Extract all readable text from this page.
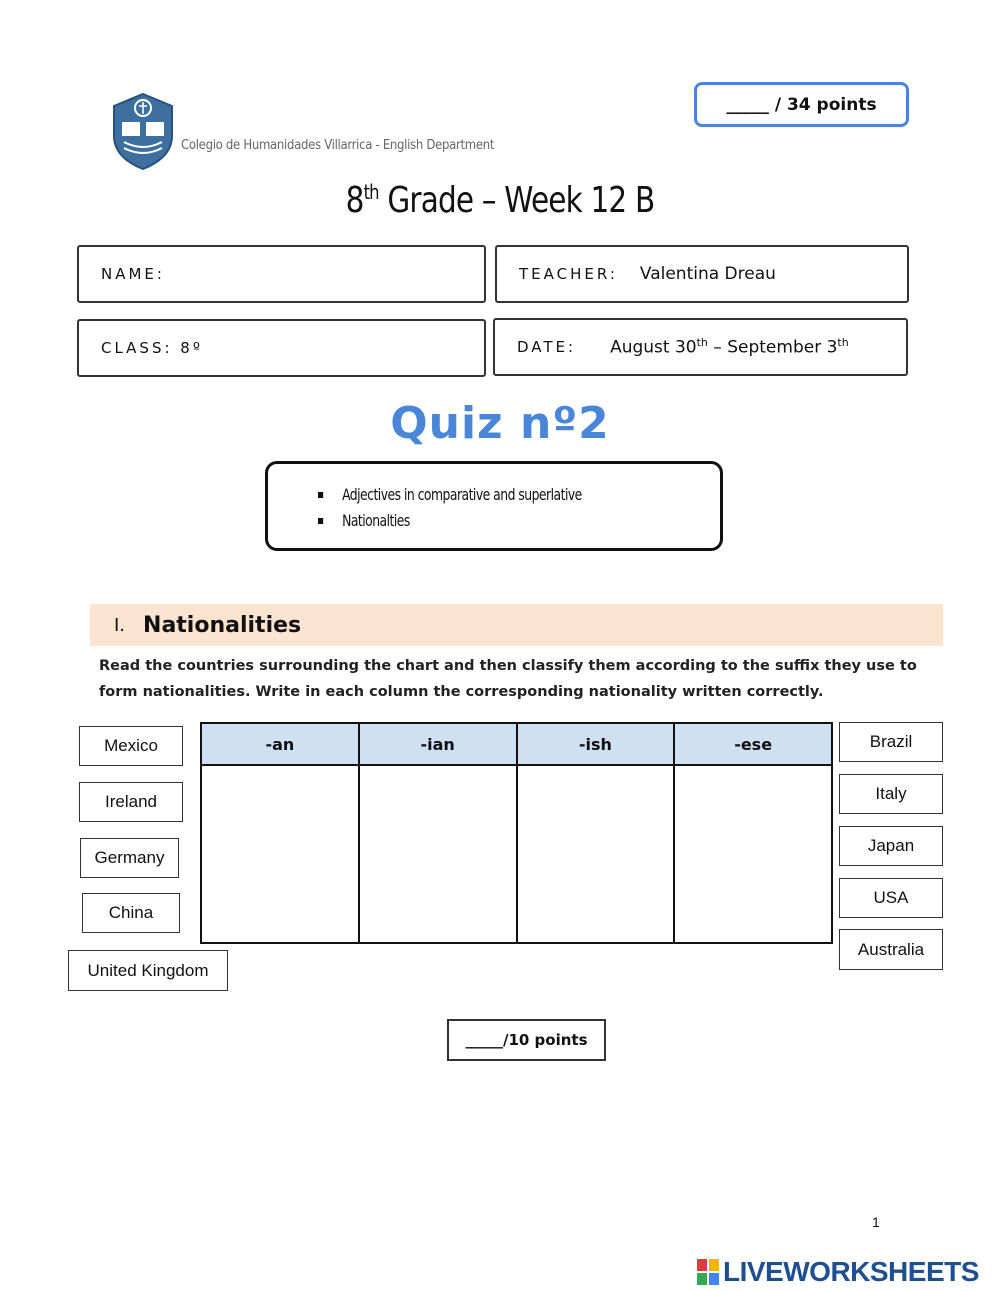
_____ / 34 points
Colegio de Humanidades Villarrica - English Department
8th Grade – Week 12 B
NAME:	TEACHER: Valentina Dreau
CLASS: 8º	DATE: August 30th – September 3th
Quiz nº2
Adjectives in comparative and superlative
Nationalties
I. Nationalities
Read the countries surrounding the chart and then classify them according to the suffix they use to form nationalities. Write in each column the corresponding nationality written correctly.
Mexico
Ireland
Germany
China
United Kingdom
-an	-ian	-ish	-ese
				Brazil
Italy
Japan
USA
Australia
_____/10 points
1
LIVEWORKSHEETS
